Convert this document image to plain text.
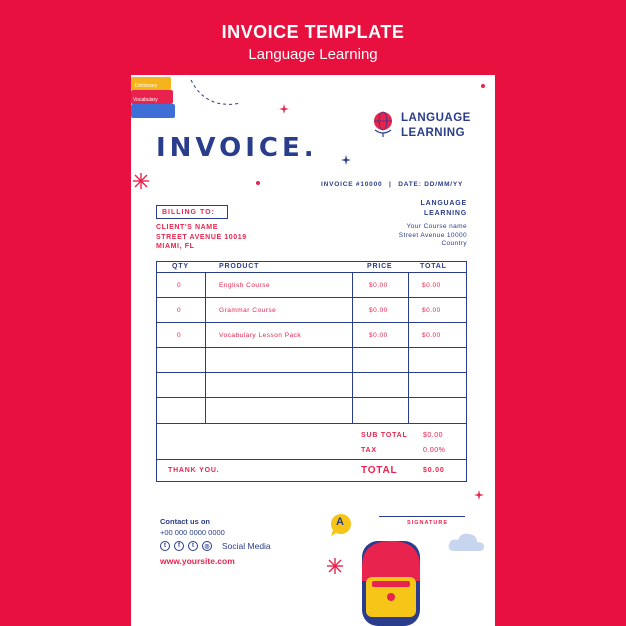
INVOICE TEMPLATE
Language Learning
Dictionary
Vocabulary
INVOICE.
LANGUAGE
LEARNING
INVOICE #10000 | DATE: DD/MM/YY
BILLING TO:
CLIENT'S NAME
STREET AVENUE 10019
MIAMI, FL
LANGUAGE
LEARNING
Your Course name
Street Avenue 10000
Country
QTY	PRODUCT	PRICE	TOTAL
0	English Course	$0.00	$0.00
0	Grammar Course	$0.00	$0.00
0	Vocabulary Lesson Pack	$0.00	$0.00
SUB TOTAL $0.00
TAX	0.00%
THANK YOU.	TOTAL	$0.00
Contact us on
+00 000 0000 0000
t	f	t	◎ Social Media
www.yoursite.com
A	SIGNATURE
